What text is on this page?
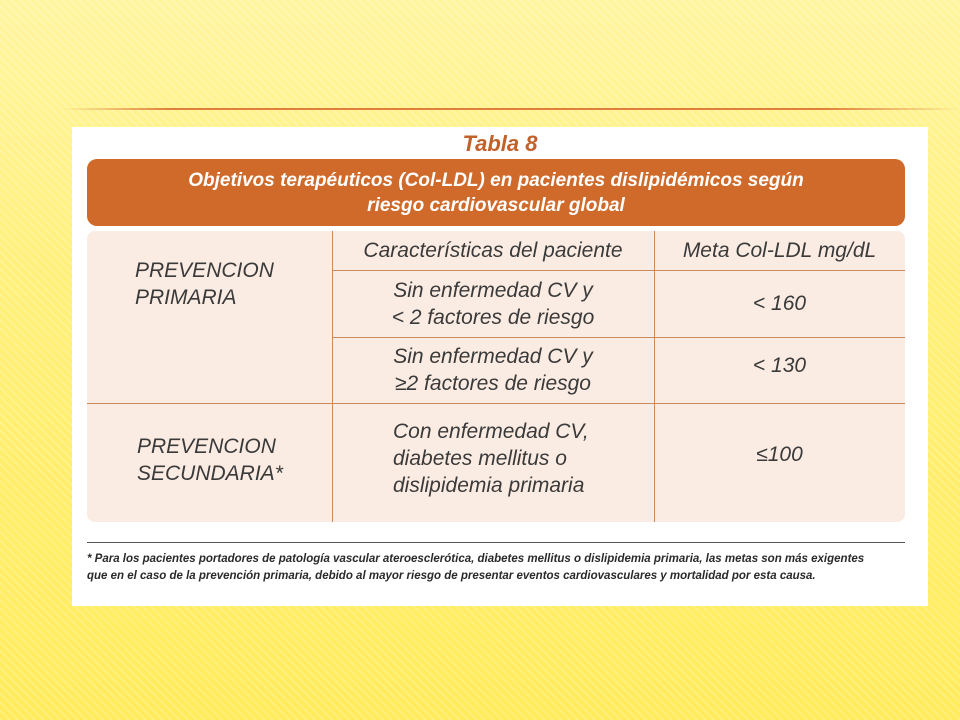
Tabla 8
Objetivos terapéuticos (Col-LDL) en pacientes dislipidémicos según
riesgo cardiovascular global
Características del paciente	Meta Col-LDL mg/dL
PREVENCION
PRIMARIA	Sin enfermedad CV y
< 2 factores de riesgo
< 160
Sin enfermedad CV y
≥2 factores de riesgo
< 130
PREVENCION
SECUNDARIA*
Con enfermedad CV,
diabetes mellitus o
dislipidemia primaria
≤100
* Para los pacientes portadores de patología vascular ateroesclerótica, diabetes mellitus o dislipidemia primaria, las metas son más exigentes
que en el caso de la prevención primaria, debido al mayor riesgo de presentar eventos cardiovasculares y mortalidad por esta causa.
